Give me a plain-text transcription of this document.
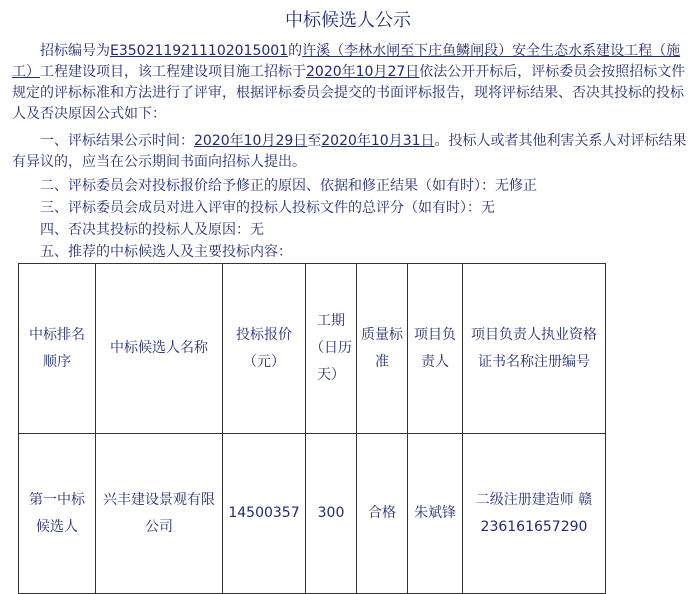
中标候选人公示
招标编号为E3502119211102015001的许溪（李林水闸至下庄鱼鳞闸段）安全生态水系建设工程（施工）工程建设项目，该工程建设项目施工招标于2020年10月27日依法公开开标后，评标委员会按照招标文件规定的评标标准和方法进行了评审，根据评标委员会提交的书面评标报告，现将评标结果、否决其投标的投标人及否决原因公式如下：
一、评标结果公示时间：2020年10月29日至2020年10月31日。投标人或者其他利害关系人对评标结果有异议的，应当在公示期间书面向招标人提出。
二、评标委员会对投标报价给予修正的原因、依据和修正结果（如有时）：无修正
三、评标委员会成员对进入评审的投标人投标文件的总评分（如有时）：无
四、否决其投标的投标人及原因：无
五、推荐的中标候选人及主要投标内容：
中标排名顺序	中标候选人名称	投标报价（元）	工期（日历天）	质量标准	项目负责人	项目负责人执业资格证书名称注册编号
第一中标候选人	兴丰建设景观有限公司	14500357	300	合格	朱斌锋	二级注册建造师 赣236161657290
